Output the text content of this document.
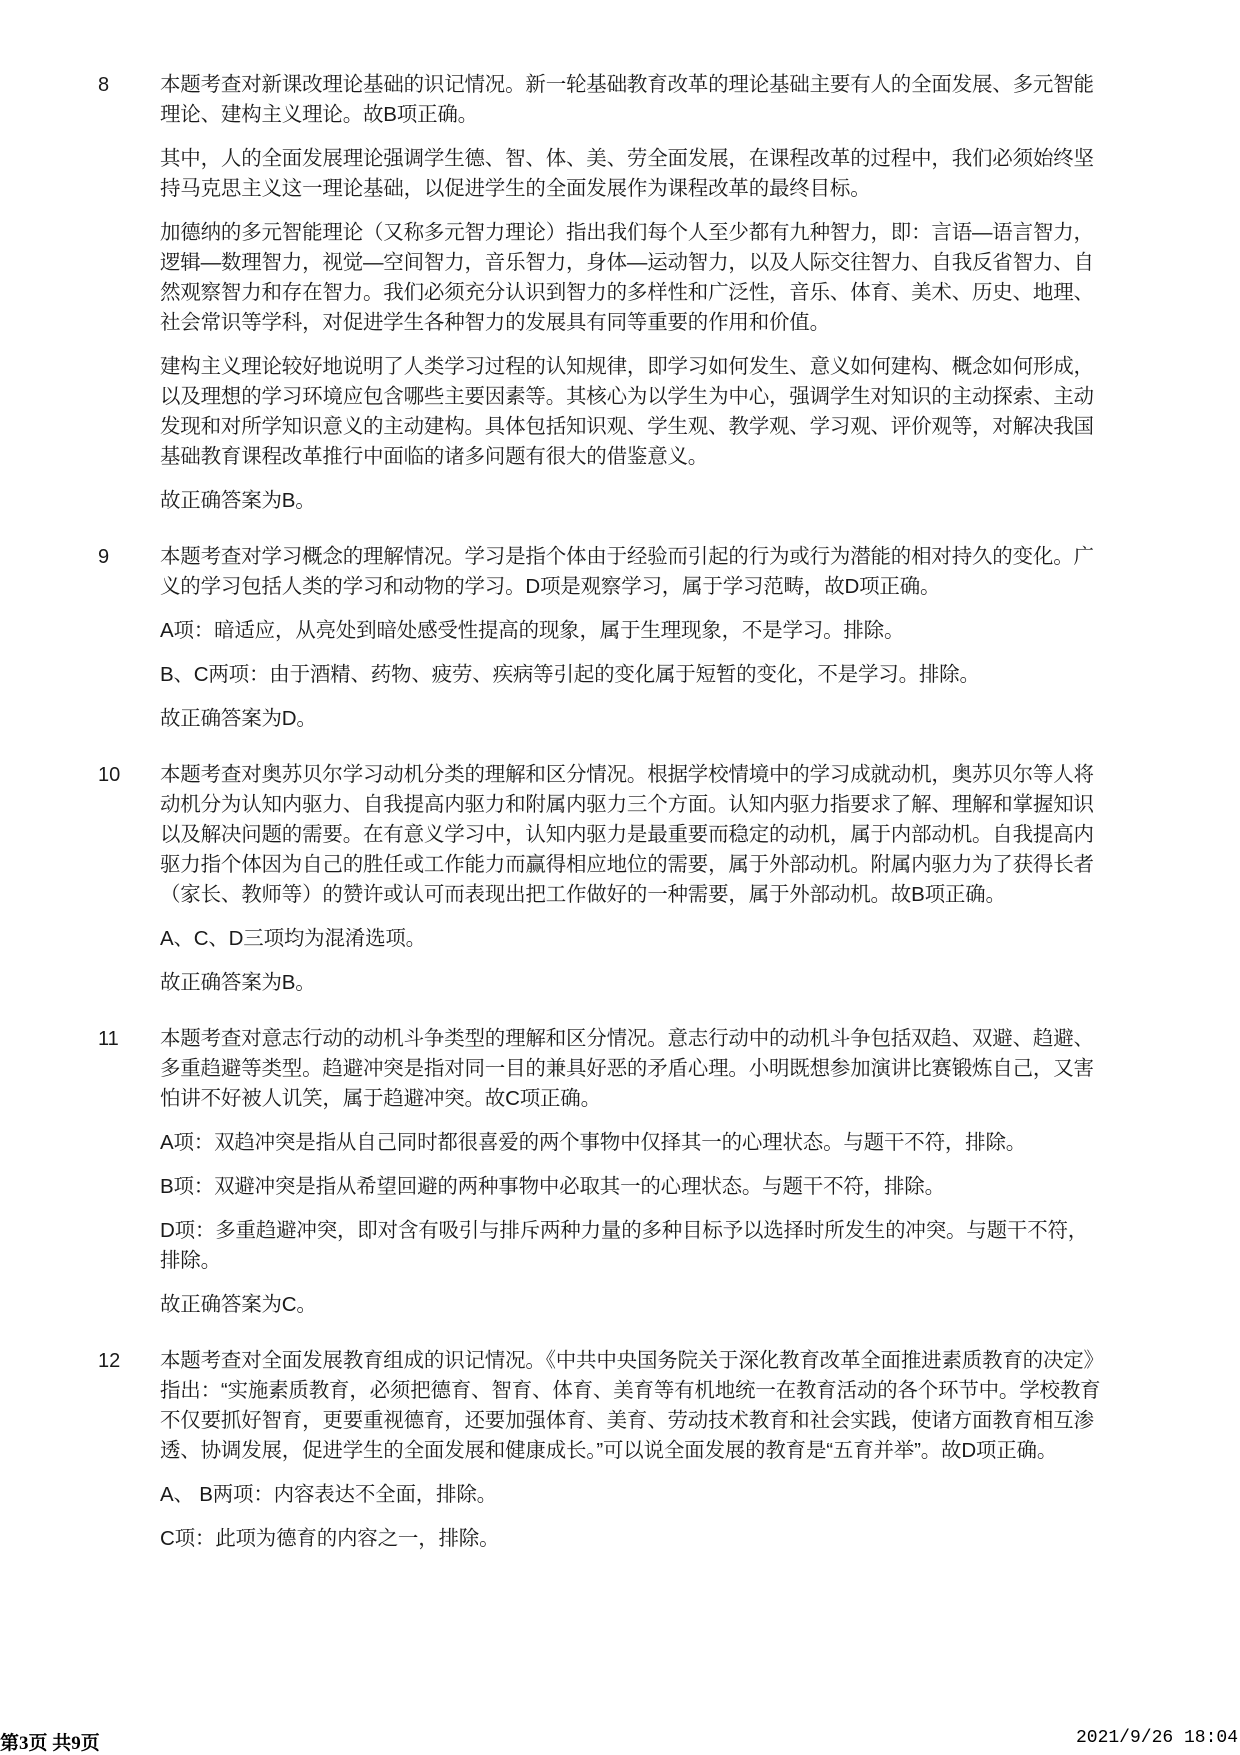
8	本题考查对新课改理论基础的识记情况。新一轮基础教育改革的理论基础主要有人的全面发展、多元智能理论、建构主义理论。故B项正确。

其中，人的全面发展理论强调学生德、智、体、美、劳全面发展，在课程改革的过程中，我们必须始终坚持马克思主义这一理论基础，以促进学生的全面发展作为课程改革的最终目标。

加德纳的多元智能理论（又称多元智力理论）指出我们每个人至少都有九种智力，即：言语—语言智力，逻辑—数理智力，视觉—空间智力，音乐智力，身体—运动智力，以及人际交往智力、自我反省智力、自然观察智力和存在智力。我们必须充分认识到智力的多样性和广泛性，音乐、体育、美术、历史、地理、社会常识等学科，对促进学生各种智力的发展具有同等重要的作用和价值。

建构主义理论较好地说明了人类学习过程的认知规律，即学习如何发生、意义如何建构、概念如何形成，以及理想的学习环境应包含哪些主要因素等。其核心为以学生为中心，强调学生对知识的主动探索、主动发现和对所学知识意义的主动建构。具体包括知识观、学生观、教学观、学习观、评价观等，对解决我国基础教育课程改革推行中面临的诸多问题有很大的借鉴意义。

故正确答案为B。

9	本题考查对学习概念的理解情况。学习是指个体由于经验而引起的行为或行为潜能的相对持久的变化。广义的学习包括人类的学习和动物的学习。D项是观察学习，属于学习范畴，故D项正确。

A项：暗适应，从亮处到暗处感受性提高的现象，属于生理现象，不是学习。排除。

B、C两项：由于酒精、药物、疲劳、疾病等引起的变化属于短暂的变化，不是学习。排除。

故正确答案为D。

10	本题考查对奥苏贝尔学习动机分类的理解和区分情况。根据学校情境中的学习成就动机，奥苏贝尔等人将动机分为认知内驱力、自我提高内驱力和附属内驱力三个方面。认知内驱力指要求了解、理解和掌握知识以及解决问题的需要。在有意义学习中，认知内驱力是最重要而稳定的动机，属于内部动机。自我提高内驱力指个体因为自己的胜任或工作能力而赢得相应地位的需要，属于外部动机。附属内驱力为了获得长者（家长、教师等）的赞许或认可而表现出把工作做好的一种需要，属于外部动机。故B项正确。

A、C、D三项均为混淆选项。

故正确答案为B。

11	本题考查对意志行动的动机斗争类型的理解和区分情况。意志行动中的动机斗争包括双趋、双避、趋避、多重趋避等类型。趋避冲突是指对同一目的兼具好恶的矛盾心理。小明既想参加演讲比赛锻炼自己，又害怕讲不好被人讥笑，属于趋避冲突。故C项正确。

A项：双趋冲突是指从自己同时都很喜爱的两个事物中仅择其一的心理状态。与题干不符，排除。

B项：双避冲突是指从希望回避的两种事物中必取其一的心理状态。与题干不符，排除。

D项：多重趋避冲突，即对含有吸引与排斥两种力量的多种目标予以选择时所发生的冲突。与题干不符，排除。

故正确答案为C。

12	本题考查对全面发展教育组成的识记情况。《中共中央国务院关于深化教育改革全面推进素质教育的决定》指出：“实施素质教育，必须把德育、智育、体育、美育等有机地统一在教育活动的各个环节中。学校教育不仅要抓好智育，更要重视德育，还要加强体育、美育、劳动技术教育和社会实践，使诸方面教育相互渗透、协调发展，促进学生的全面发展和健康成长。”可以说全面发展的教育是“五育并举”。故D项正确。

A、 B两项：内容表达不全面，排除。

C项：此项为德育的内容之一，排除。

第3页 共9页	2021/9/26 18:04
